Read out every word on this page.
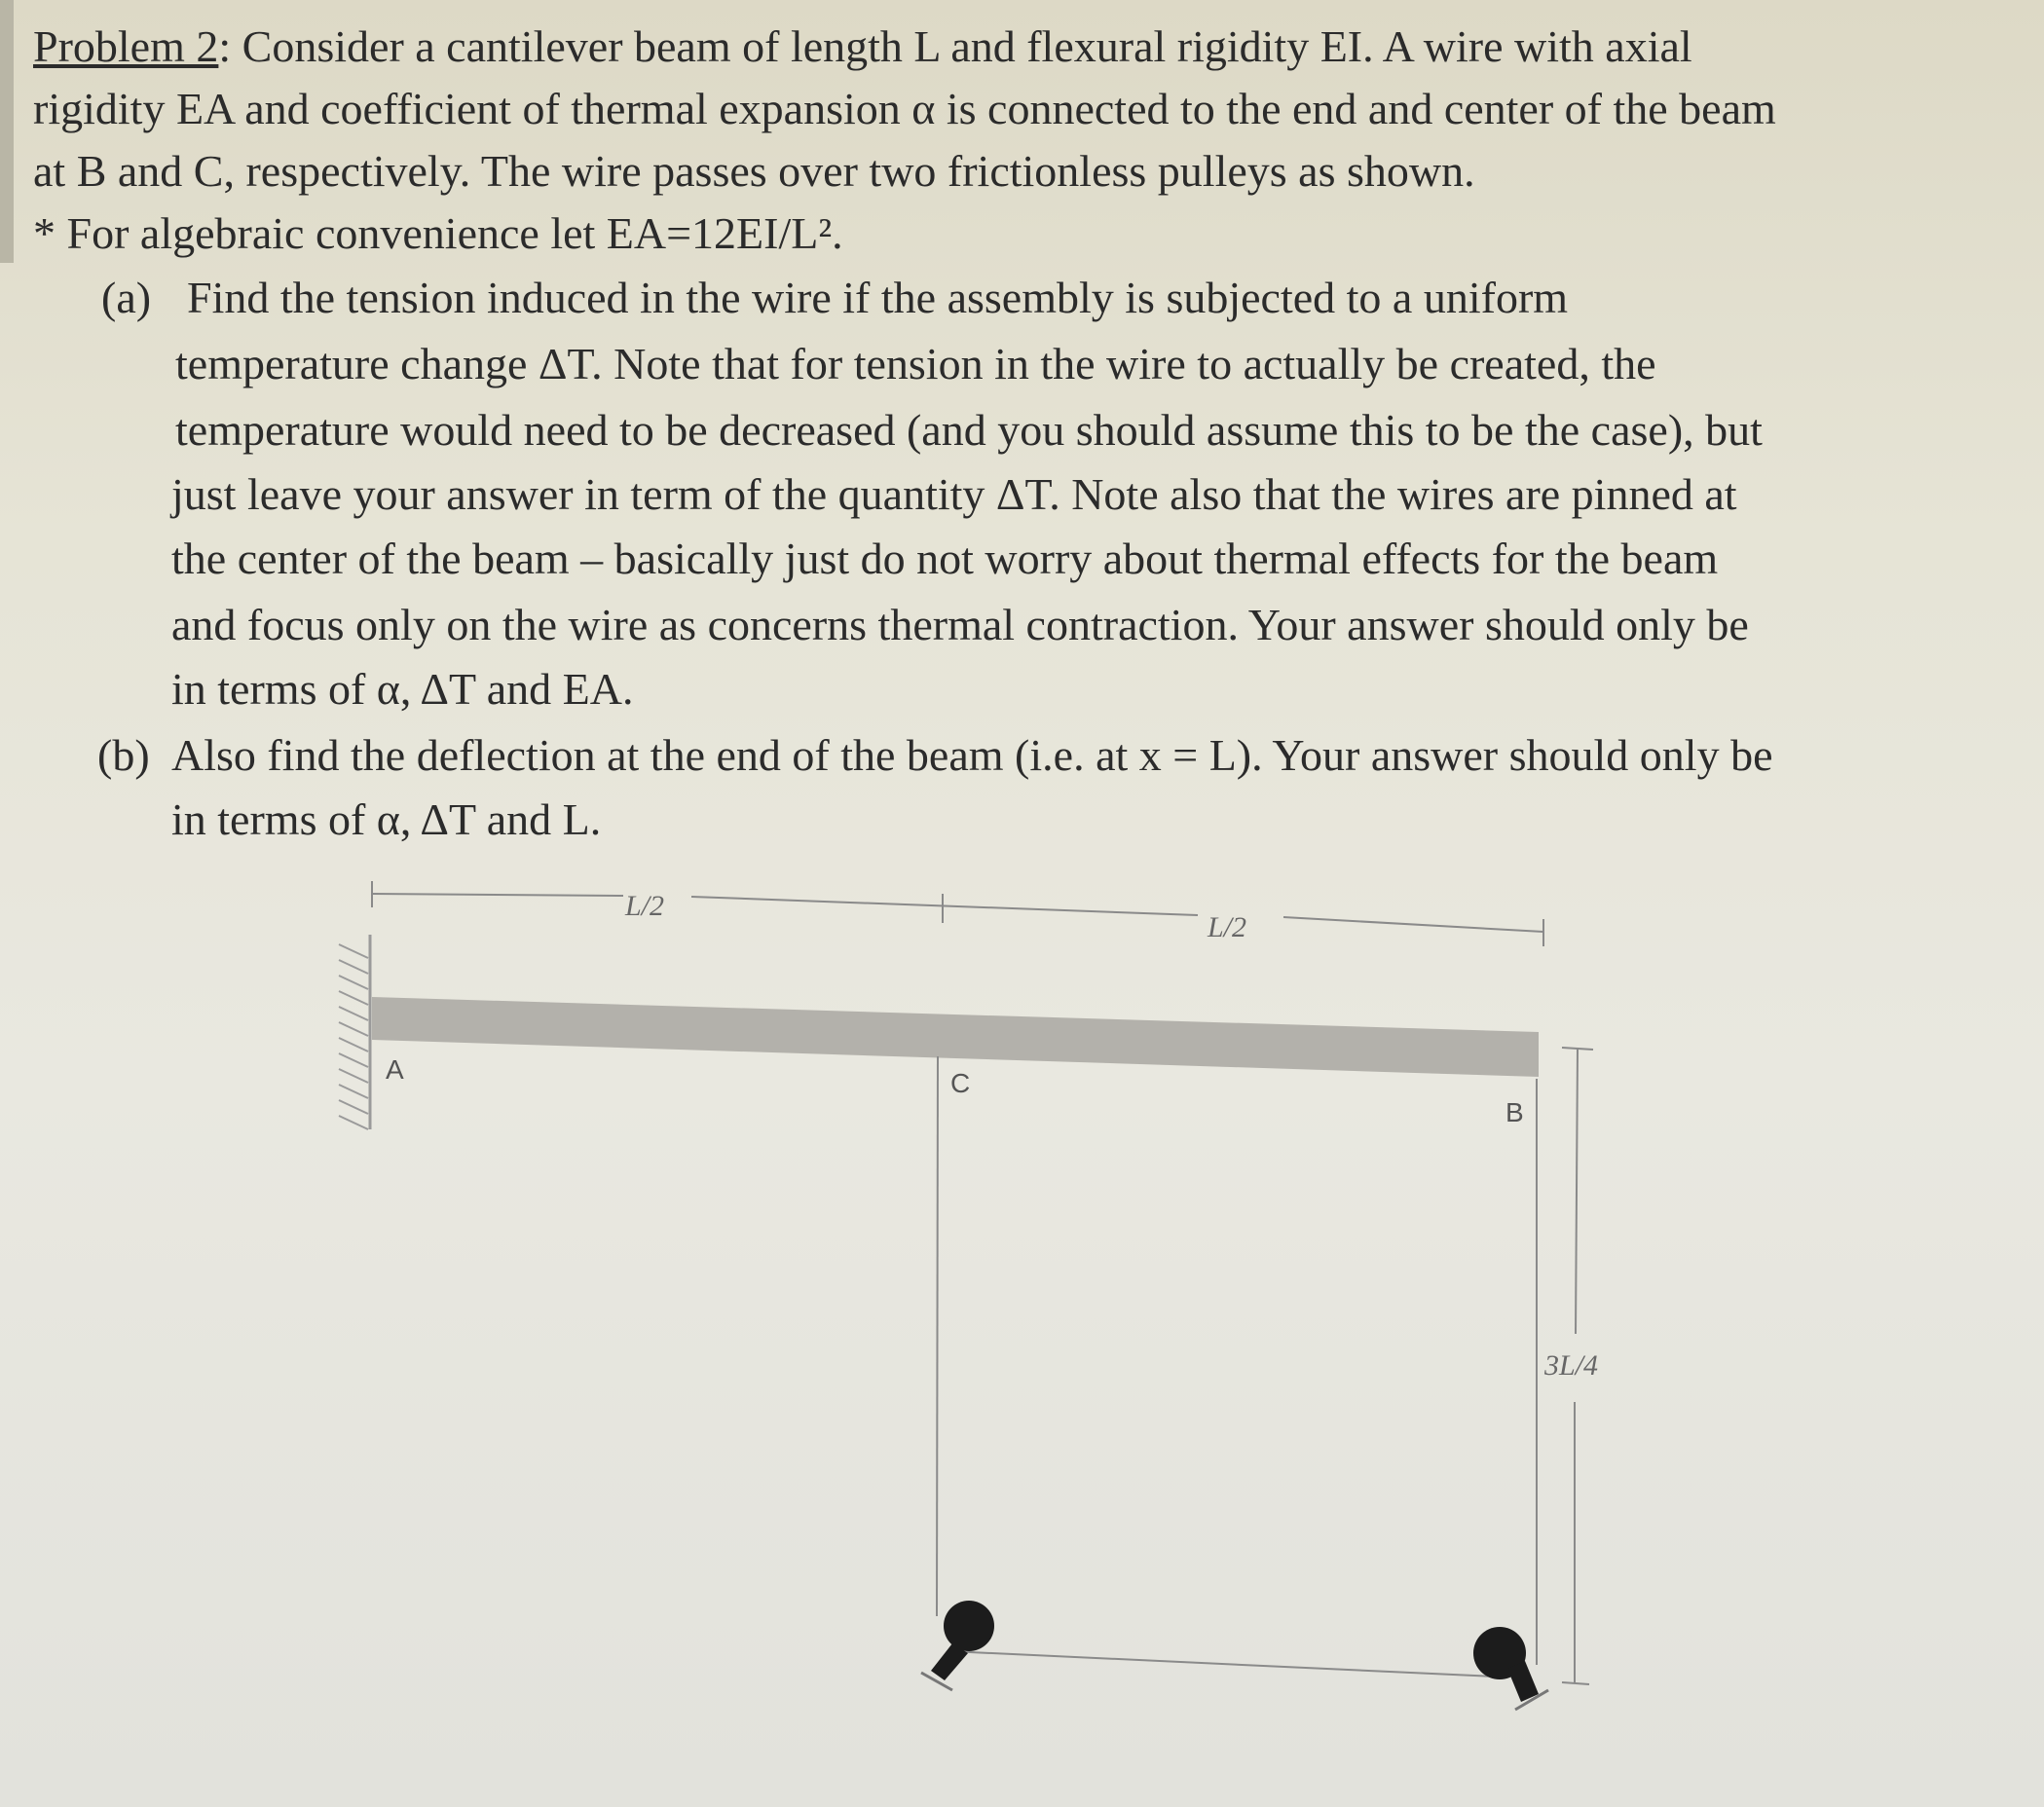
Problem 2: Consider a cantilever beam of length L and flexural rigidity EI. A wire with axial
rigidity EA and coefficient of thermal expansion α is connected to the end and center of the beam
at B and C, respectively. The wire passes over two frictionless pulleys as shown.
* For algebraic convenience let EA=12EI/L².
(a) Find the tension induced in the wire if the assembly is subjected to a uniform
temperature change ΔT. Note that for tension in the wire to actually be created, the
temperature would need to be decreased (and you should assume this to be the case), but
just leave your answer in term of the quantity ΔT. Note also that the wires are pinned at
the center of the beam – basically just do not worry about thermal effects for the beam
and focus only on the wire as concerns thermal contraction. Your answer should only be
in terms of α, ΔT and EA.
(b) Also find the deflection at the end of the beam (i.e. at x = L). Your answer should only be
in terms of α, ΔT and L.
L/2
L/2
A	C
B
3L/4
